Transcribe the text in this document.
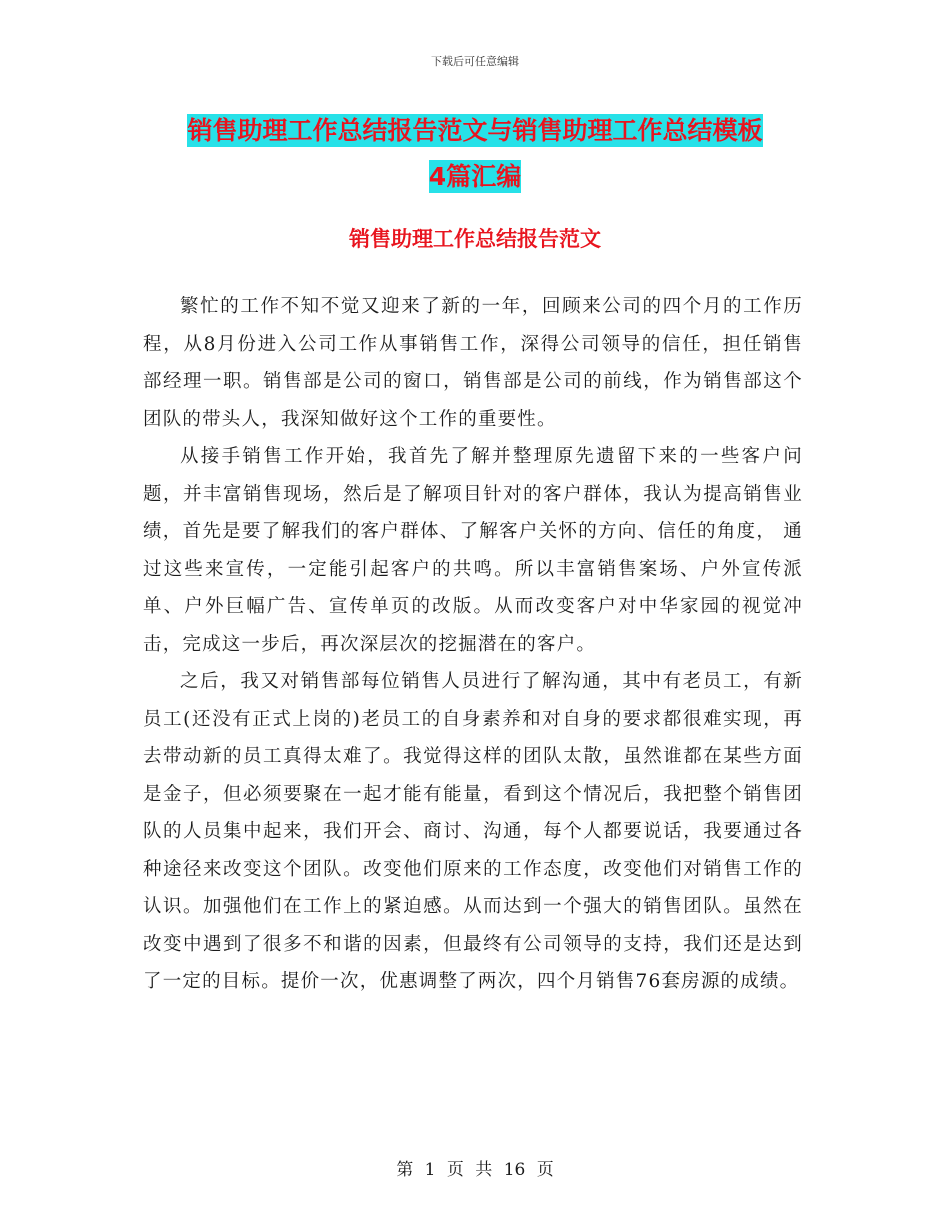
下载后可任意编辑
销售助理工作总结报告范文与销售助理工作总结模板
4篇汇编
销售助理工作总结报告范文

繁忙的工作不知不觉又迎来了新的一年，回顾来公司的四个月的工作历程，从8月份进入公司工作从事销售工作，深得公司领导的信任，担任销售部经理一职。销售部是公司的窗口，销售部是公司的前线，作为销售部这个团队的带头人，我深知做好这个工作的重要性。

从接手销售工作开始，我首先了解并整理原先遗留下来的一些客户问题，并丰富销售现场，然后是了解项目针对的客户群体，我认为提高销售业绩，首先是要了解我们的客户群体、了解客户关怀的方向、信任的角度， 通过这些来宣传，一定能引起客户的共鸣。所以丰富销售案场、户外宣传派单、户外巨幅广告、宣传单页的改版。从而改变客户对中华家园的视觉冲击，完成这一步后，再次深层次的挖掘潜在的客户。

之后，我又对销售部每位销售人员进行了解沟通，其中有老员工，有新员工(还没有正式上岗的)老员工的自身素养和对自身的要求都很难实现，再去带动新的员工真得太难了。我觉得这样的团队太散，虽然谁都在某些方面是金子，但必须要聚在一起才能有能量，看到这个情况后，我把整个销售团队的人员集中起来，我们开会、商讨、沟通，每个人都要说话，我要通过各种途径来改变这个团队。改变他们原来的工作态度，改变他们对销售工作的认识。加强他们在工作上的紧迫感。从而达到一个强大的销售团队。虽然在改变中遇到了很多不和谐的因素，但最终有公司领导的支持，我们还是达到了一定的目标。提价一次，优惠调整了两次，四个月销售76套房源的成绩。

第 1 页 共 16 页
